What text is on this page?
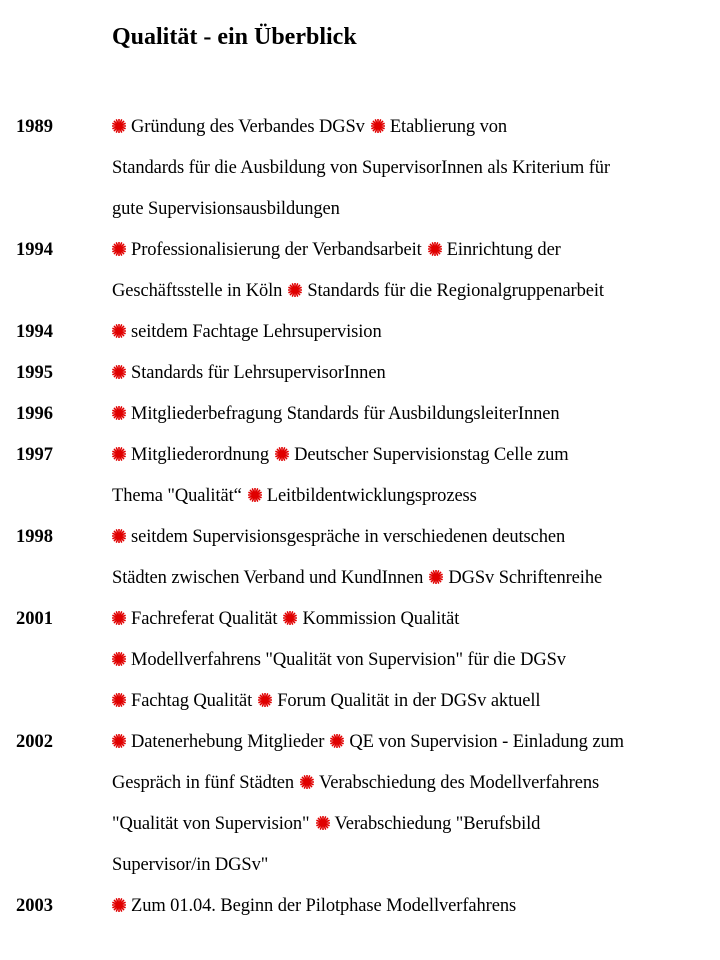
Qualität - ein Überblick
1989	Gründung des Verbandes DGSv Etablierung von
Standards für die Ausbildung von SupervisorInnen als Kriterium für
gute Supervisionsausbildungen
1994	Professionalisierung der Verbandsarbeit Einrichtung der
Geschäftsstelle in Köln Standards für die Regionalgruppenarbeit
1994	seitdem Fachtage Lehrsupervision
1995	Standards für LehrsupervisorInnen
1996	Mitgliederbefragung Standards für AusbildungsleiterInnen
1997	Mitgliederordnung Deutscher Supervisionstag Celle zum
Thema "Qualität“ Leitbildentwicklungsprozess
1998	seitdem Supervisionsgespräche in verschiedenen deutschen
Städten zwischen Verband und KundInnen DGSv Schriftenreihe
2001	Fachreferat Qualität Kommission Qualität
Modellverfahrens "Qualität von Supervision" für die DGSv
Fachtag Qualität Forum Qualität in der DGSv aktuell
2002	Datenerhebung Mitglieder QE von Supervision - Einladung zum
Gespräch in fünf Städten Verabschiedung des Modellverfahrens
"Qualität von Supervision" Verabschiedung "Berufsbild
Supervisor/in DGSv"
2003	Zum 01.04. Beginn der Pilotphase Modellverfahrens
